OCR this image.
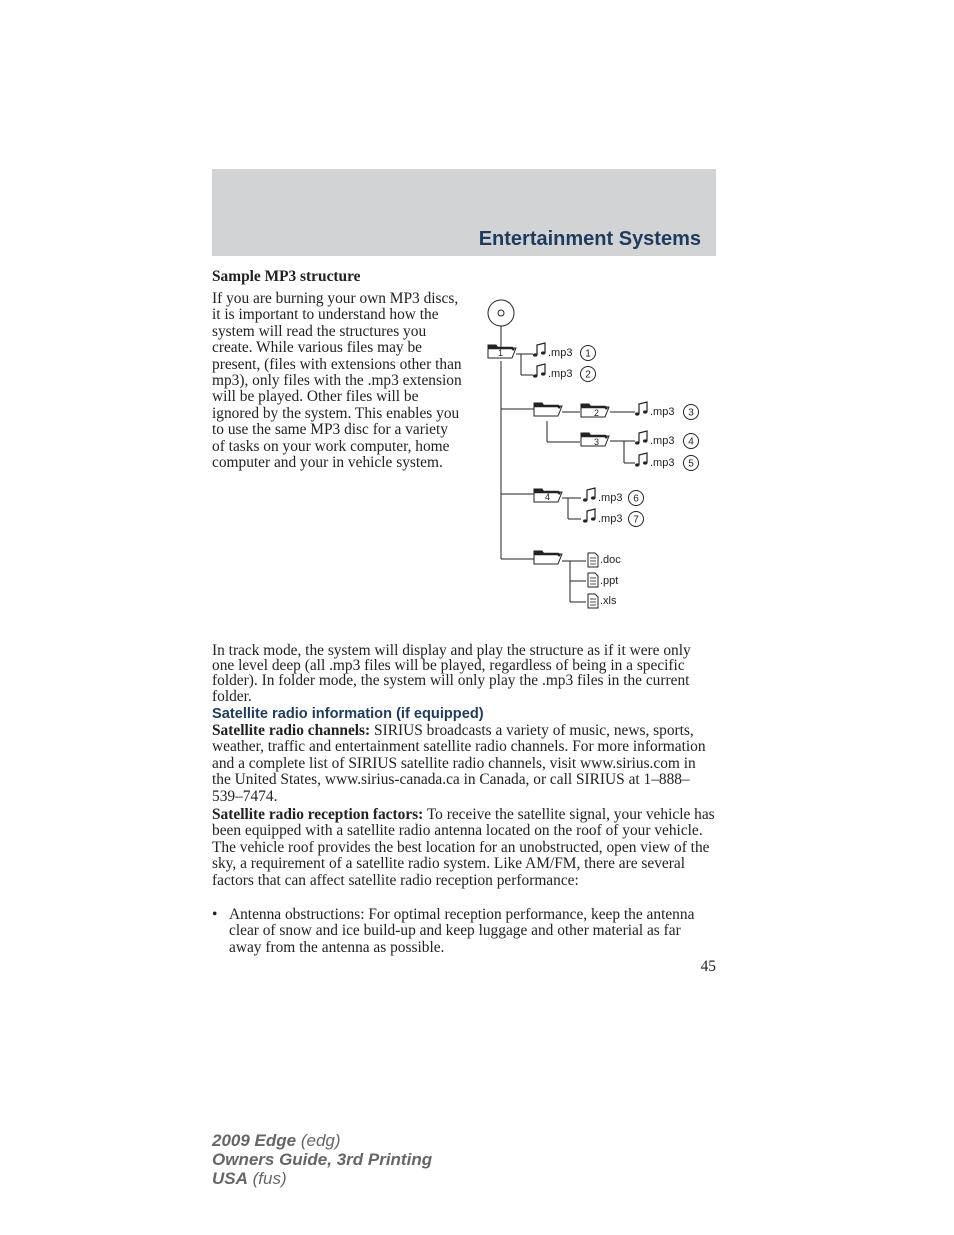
Entertainment Systems
Sample MP3 structure

If you are burning your own MP3 discs, it is important to understand how the system will read the structures you create. While various files may be present, (files with extensions other than mp3), only files with the .mp3 extension will be played. Other files will be ignored by the system. This enables you to use the same MP3 disc for a variety of tasks on your work computer, home computer and your in vehicle system.

1
2
3
4
.mp3
.mp3
.mp3
.mp3
.mp3
.mp3
.mp3
1
2
3
4
5
6
7
.doc
.ppt
.xls

In track mode, the system will display and play the structure as if it were only one level deep (all .mp3 files will be played, regardless of being in a specific folder). In folder mode, the system will only play the .mp3 files in the current folder.

Satellite radio information (if equipped)

Satellite radio channels: SIRIUS broadcasts a variety of music, news, sports, weather, traffic and entertainment satellite radio channels. For more information and a complete list of SIRIUS satellite radio channels, visit www.sirius.com in the United States, www.sirius-canada.ca in Canada, or call SIRIUS at 1–888–539–7474.

Satellite radio reception factors: To receive the satellite signal, your vehicle has been equipped with a satellite radio antenna located on the roof of your vehicle. The vehicle roof provides the best location for an unobstructed, open view of the sky, a requirement of a satellite radio system. Like AM/FM, there are several factors that can affect satellite radio reception performance:

• Antenna obstructions: For optimal reception performance, keep the antenna clear of snow and ice build-up and keep luggage and other material as far away from the antenna as possible.
45
2009 Edge (edg)
Owners Guide, 3rd Printing
USA (fus)
